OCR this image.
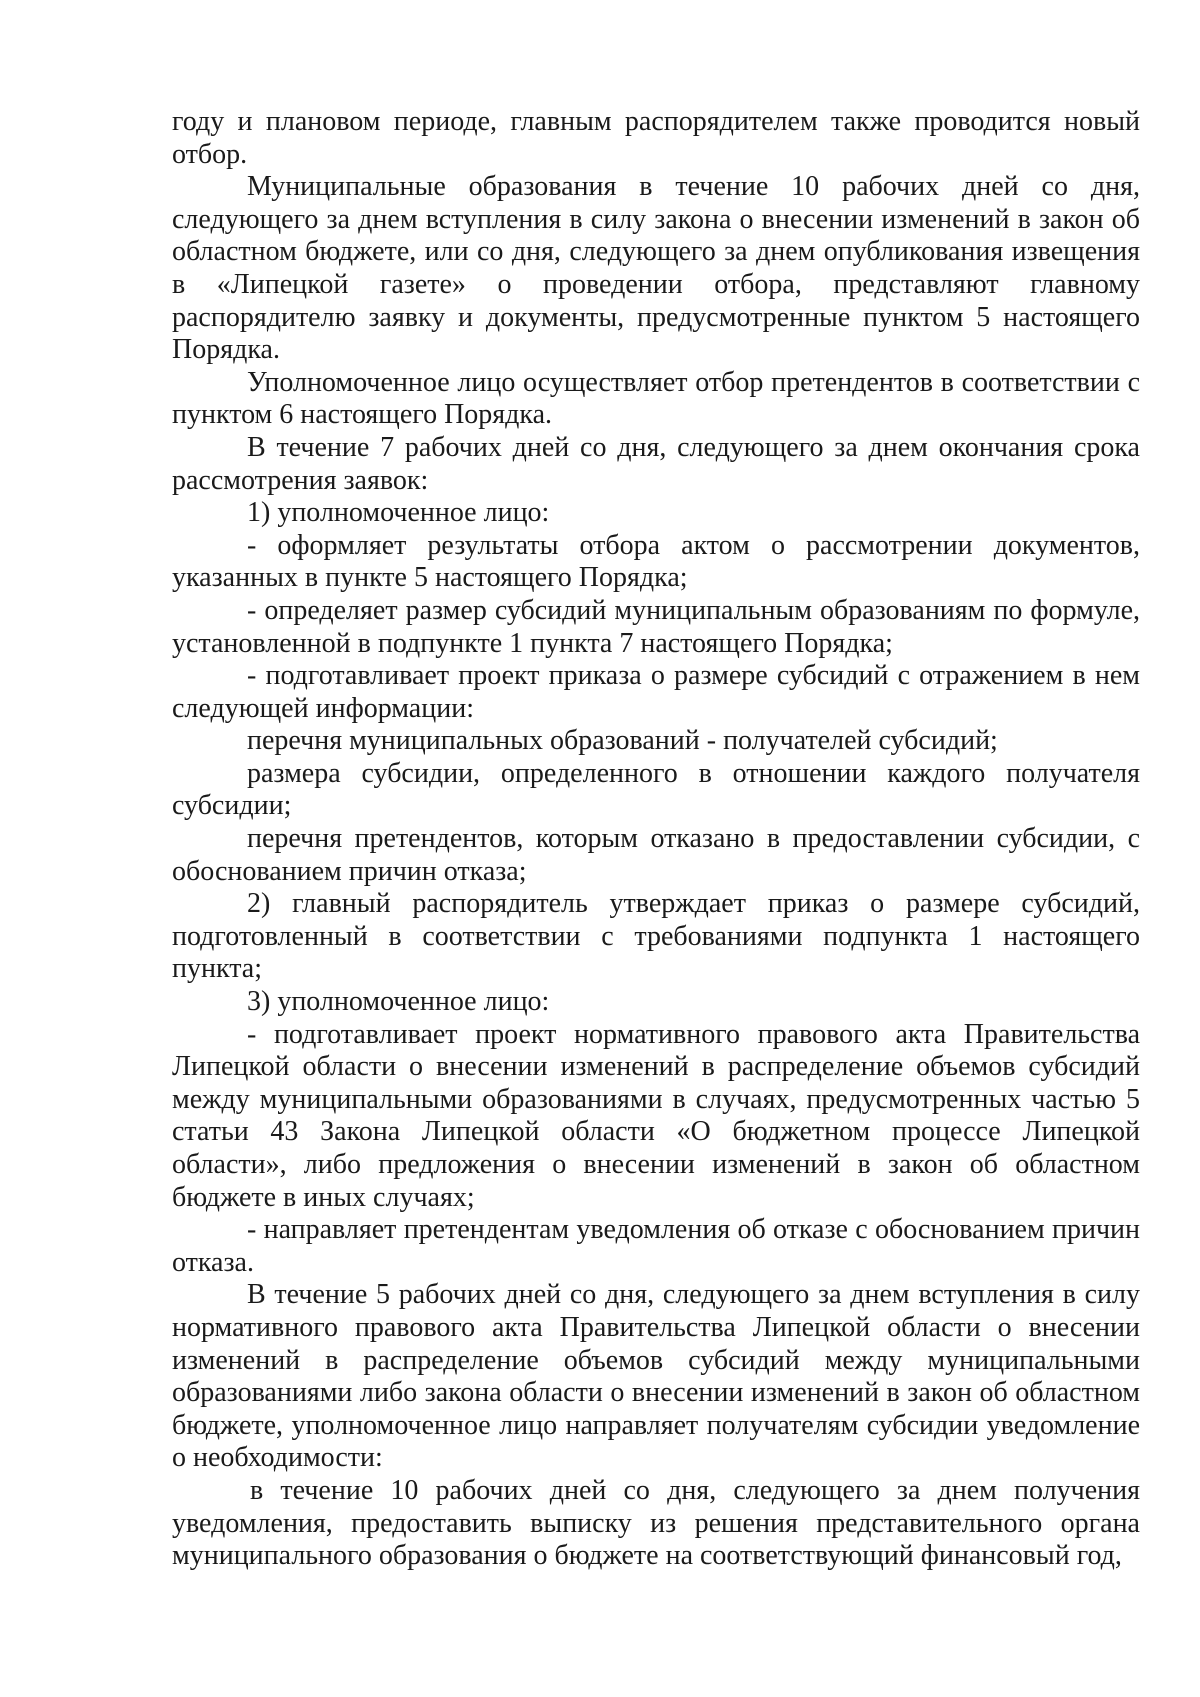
году и плановом периоде, главным распорядителем также проводится новый отбор.

Муниципальные образования в течение 10 рабочих дней со дня, следующего за днем вступления в силу закона о внесении изменений в закон об областном бюджете, или со дня, следующего за днем опубликования извещения в «Липецкой газете» о проведении отбора, представляют главному распорядителю заявку и документы, предусмотренные пунктом 5 настоящего Порядка.

Уполномоченное лицо осуществляет отбор претендентов в соответствии с пунктом 6 настоящего Порядка.

В течение 7 рабочих дней со дня, следующего за днем окончания срока рассмотрения заявок:

1) уполномоченное лицо:

- оформляет результаты отбора актом о рассмотрении документов, указанных в пункте 5 настоящего Порядка;

- определяет размер субсидий муниципальным образованиям по формуле, установленной в подпункте 1 пункта 7 настоящего Порядка;

- подготавливает проект приказа о размере субсидий с отражением в нем следующей информации:

перечня муниципальных образований - получателей субсидий;

размера субсидии, определенного в отношении каждого получателя субсидии;

перечня претендентов, которым отказано в предоставлении субсидии, с обоснованием причин отказа;

2) главный распорядитель утверждает приказ о размере субсидий, подготовленный в соответствии с требованиями подпункта 1 настоящего пункта;

3) уполномоченное лицо:

- подготавливает проект нормативного правового акта Правительства Липецкой области о внесении изменений в распределение объемов субсидий между муниципальными образованиями в случаях, предусмотренных частью 5 статьи 43 Закона Липецкой области «О бюджетном процессе Липецкой области», либо предложения о внесении изменений в закон об областном бюджете в иных случаях;

- направляет претендентам уведомления об отказе с обоснованием причин отказа.

В течение 5 рабочих дней со дня, следующего за днем вступления в силу нормативного правового акта Правительства Липецкой области о внесении изменений в распределение объемов субсидий между муниципальными образованиями либо закона области о внесении изменений в закон об областном бюджете, уполномоченное лицо направляет получателям субсидии уведомление о необходимости:

в течение 10 рабочих дней со дня, следующего за днем получения уведомления, предоставить выписку из решения представительного органа муниципального образования о бюджете на соответствующий финансовый год,
